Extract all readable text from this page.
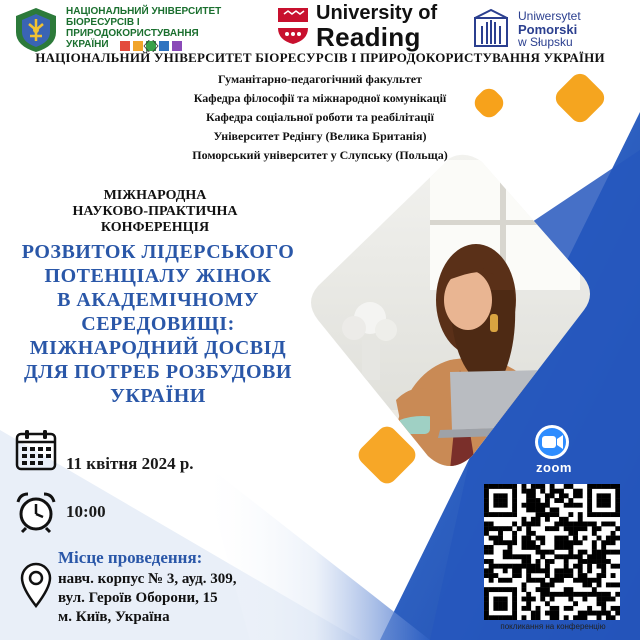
НАЦІОНАЛЬНИЙ УНІВЕРСИТЕТ
БІОРЕСУРСІВ І ПРИРОДОКОРИСТУВАННЯ
УКРАЇНИ
University of
Reading
Uniwersytet
Pomorski
w Słupsku
НАЦІОНАЛЬНИЙ УНІВЕРСИТЕТ БІОРЕСУРСІВ І ПРИРОДОКОРИСТУВАННЯ УКРАЇНИ
Гуманітарно-педагогічний факультет
Кафедра філософії та міжнародної комунікації
Кафедра соціальної роботи та реабілітації
Університет Редінгу (Велика Британія)
Поморський університет у Слупську (Польща)
МІЖНАРОДНА
НАУКОВО-ПРАКТИЧНА КОНФЕРЕНЦІЯ
РОЗВИТОК ЛІДЕРСЬКОГО
ПОТЕНЦІАЛУ ЖІНОК
В АКАДЕМІЧНОМУ
СЕРЕДОВИЩІ:
МІЖНАРОДНИЙ ДОСВІД
ДЛЯ ПОТРЕБ РОЗБУДОВИ
УКРАЇНИ
11 квітня 2024 р.
10:00
Місце проведення:
навч. корпус № 3, ауд. 309,
вул. Героїв Оборони, 15
м. Київ, Україна
zoom
покликання на конференцію
